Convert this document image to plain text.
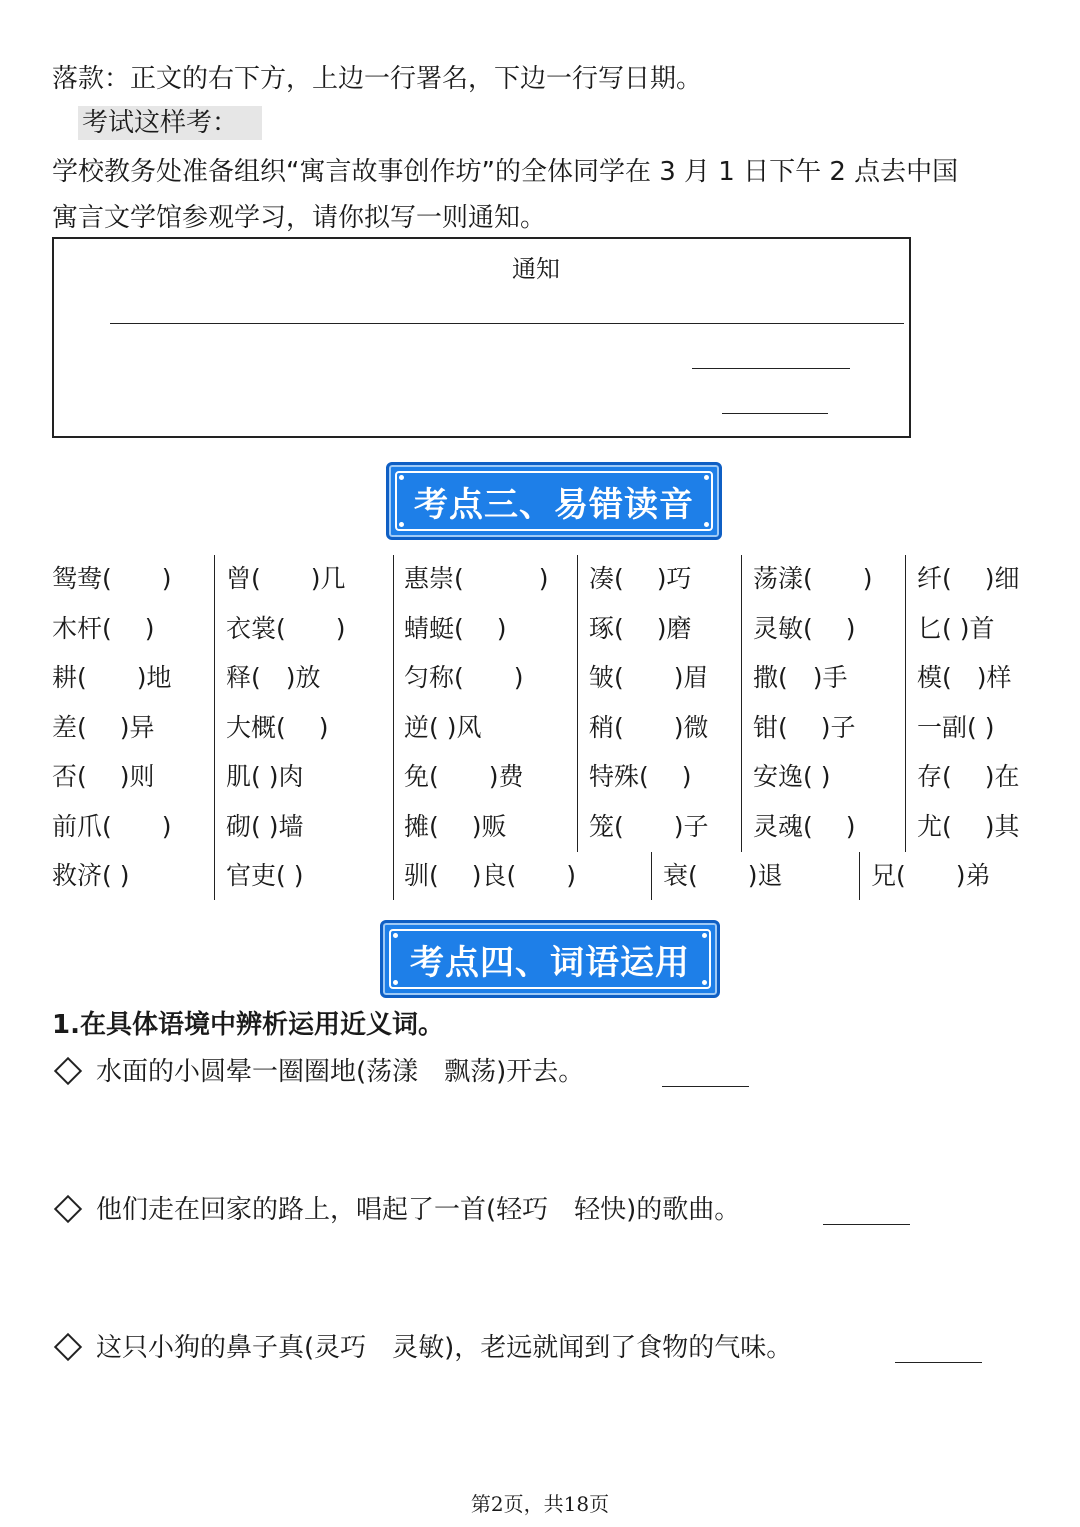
落款：正文的右下方，上边一行署名，下边一行写日期。
考试这样考：
学校教务处准备组织“寓言故事创作坊”的全体同学在 3 月 1 日下午 2 点去中国
寓言文学馆参观学习，请你拟写一则通知。
通知
考点三、易错读音
鸳鸯(　　)
木杆(　 )
耕(　　)地
差(　 )异
否(　 )则
前爪(　　)
救济( )
曾(　　)几
衣裳(　　)
释(　)放
大概(　 )
肌( )肉
砌( )墙
官吏( )
惠崇(　　　)
蜻蜓(　 )
匀称(　　)
逆( )风
免(　　)费
摊(　 )贩
驯(　 )良(　　)
凑(　 )巧
琢(　 )磨
皱(　　)眉
稍(　　)微
特殊(　 )
笼(　　)子
荡漾(　　)
灵敏(　 )
撒(　)手
钳(　 )子
安逸( )
灵魂(　 )
纤(　 )细
匕( )首
模(　)样
一副( )
存(　 )在
尤(　 )其
衰(　　)退	兄(　　)弟
考点四、词语运用
1.在具体语境中辨析运用近义词。
水面的小圆晕一圈圈地(荡漾　飘荡)开去。
他们走在回家的路上，唱起了一首(轻巧　轻快)的歌曲。
这只小狗的鼻子真(灵巧　灵敏)，老远就闻到了食物的气味。
第2页，共18页
